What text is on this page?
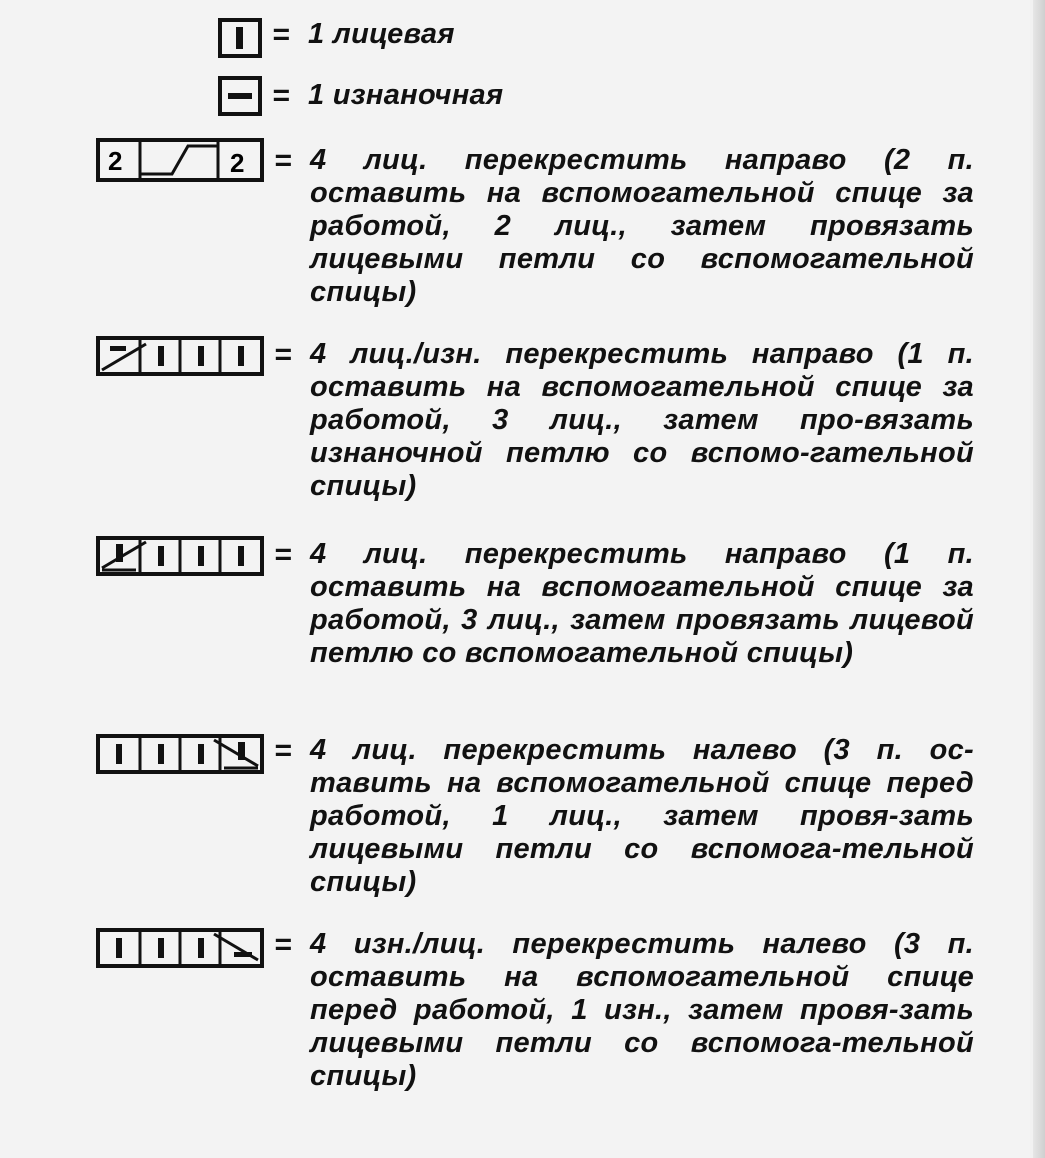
= 1 лицевая

= 1 изнаночная

2	2 = 4 лиц. перекрестить направо (2 п. оставить на вспомогательной спице за работой, 2 лиц., затем провязать лицевыми петли со вспомогательной спицы)

= 4 лиц./изн. перекрестить направо (1 п. оставить на вспомогательной спице за работой, 3 лиц., затем про-вязать изнаночной петлю со вспомо-гательной спицы)

= 4 лиц. перекрестить направо (1 п. оставить на вспомогательной спице за работой, 3 лиц., затем провязать лицевой петлю со вспомогательной спицы)

= 4 лиц. перекрестить налево (3 п. ос-тавить на вспомогательной спице перед работой, 1 лиц., затем провя-зать лицевыми петли со вспомога-тельной спицы)

= 4 изн./лиц. перекрестить налево (3 п. оставить на вспомогательной спице перед работой, 1 изн., затем провя-зать лицевыми петли со вспомога-тельной спицы)
